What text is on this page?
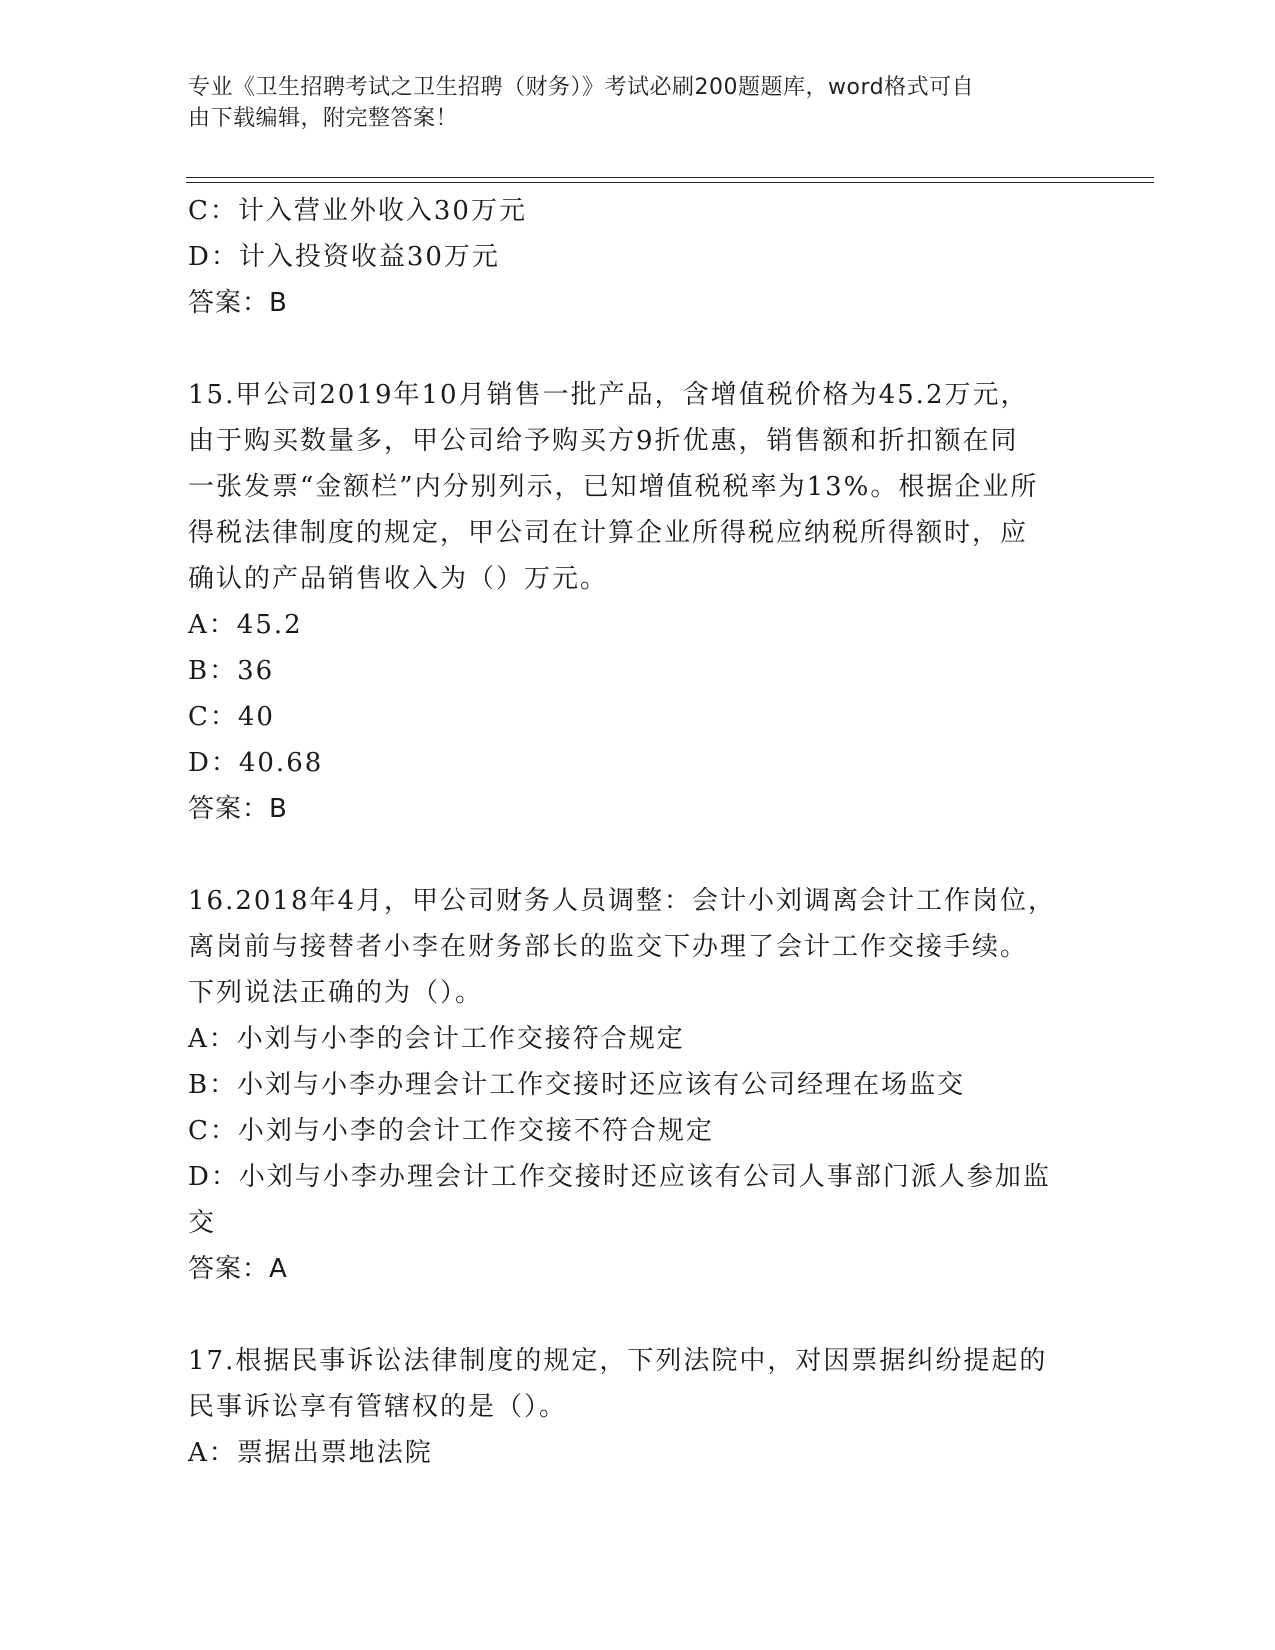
专业《卫生招聘考试之卫生招聘（财务）》考试必刷200题题库，word格式可自
由下载编辑，附完整答案！
C：计入营业外收入30万元
D：计入投资收益30万元
答案：B
15.甲公司2019年10月销售一批产品，含增值税价格为45.2万元，
由于购买数量多，甲公司给予购买方9折优惠，销售额和折扣额在同
一张发票“金额栏”内分别列示，已知增值税税率为13%。根据企业所
得税法律制度的规定，甲公司在计算企业所得税应纳税所得额时，应
确认的产品销售收入为（）万元。
A：45.2
B：36
C：40
D：40.68
答案：B
16.2018年4月，甲公司财务人员调整：会计小刘调离会计工作岗位，
离岗前与接替者小李在财务部长的监交下办理了会计工作交接手续。
下列说法正确的为（）。
A：小刘与小李的会计工作交接符合规定
B：小刘与小李办理会计工作交接时还应该有公司经理在场监交
C：小刘与小李的会计工作交接不符合规定
D：小刘与小李办理会计工作交接时还应该有公司人事部门派人参加监
交
答案：A
17.根据民事诉讼法律制度的规定，下列法院中，对因票据纠纷提起的
民事诉讼享有管辖权的是（）。
A：票据出票地法院
